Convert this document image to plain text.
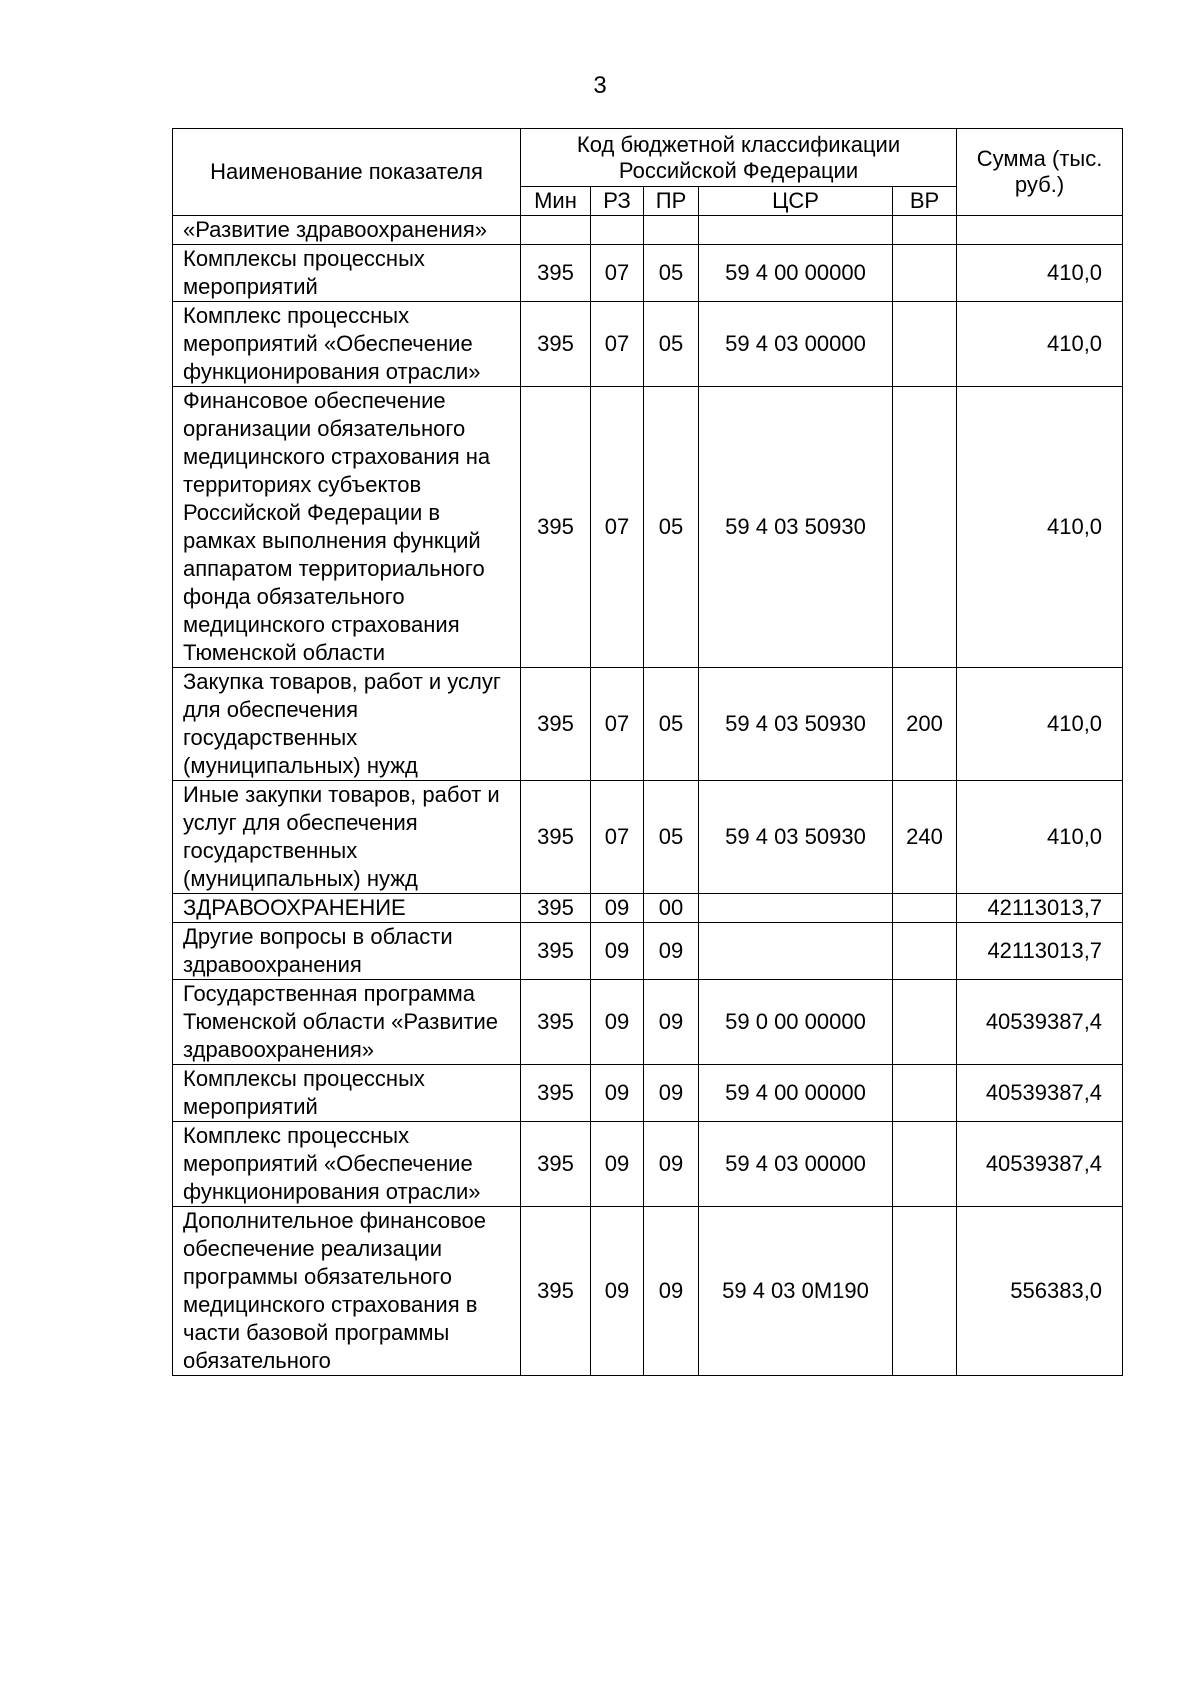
3
Наименование показателя	Код бюджетной классификации Российской Федерации					Сумма (тыс. руб.)
	Мин	РЗ	ПР	ЦСР	ВР	
«Развитие здравоохранения»						
Комплексы процессных мероприятий	395	07	05	59 4 00 00000		410,0
Комплекс процессных мероприятий «Обеспечение функционирования отрасли»	395	07	05	59 4 03 00000		410,0
Финансовое обеспечение организации обязательного медицинского страхования на территориях субъектов Российской Федерации в рамках выполнения функций аппаратом территориального фонда обязательного медицинского страхования Тюменской области	395	07	05	59 4 03 50930		410,0
Закупка товаров, работ и услуг для обеспечения государственных (муниципальных) нужд	395	07	05	59 4 03 50930	200	410,0
Иные закупки товаров, работ и услуг для обеспечения государственных (муниципальных) нужд	395	07	05	59 4 03 50930	240	410,0
ЗДРАВООХРАНЕНИЕ	395	09	00			42113013,7
Другие вопросы в области здравоохранения	395	09	09			42113013,7
Государственная программа Тюменской области «Развитие здравоохранения»	395	09	09	59 0 00 00000		40539387,4
Комплексы процессных мероприятий	395	09	09	59 4 00 00000		40539387,4
Комплекс процессных мероприятий «Обеспечение функционирования отрасли»	395	09	09	59 4 03 00000		40539387,4
Дополнительное финансовое обеспечение реализации программы обязательного медицинского страхования в части базовой программы обязательного	395	09	09	59 4 03 0М190		556383,0
